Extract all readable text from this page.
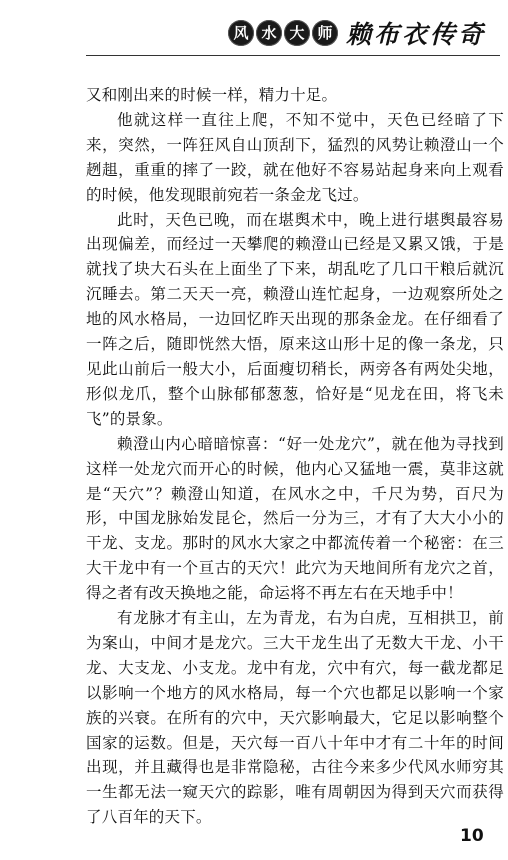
风 水 大 师 赖布衣传奇

又和刚出来的时候一样，精力十足。

他就这样一直往上爬，不知不觉中，天色已经暗了下来，突然，一阵狂风自山顶刮下，猛烈的风势让赖澄山一个趔趄，重重的摔了一跤，就在他好不容易站起身来向上观看的时候，他发现眼前宛若一条金龙飞过。

此时，天色已晚，而在堪舆术中，晚上进行堪舆最容易出现偏差，而经过一天攀爬的赖澄山已经是又累又饿，于是就找了块大石头在上面坐了下来，胡乱吃了几口干粮后就沉沉睡去。第二天天一亮，赖澄山连忙起身，一边观察所处之地的风水格局，一边回忆昨天出现的那条金龙。在仔细看了一阵之后，随即恍然大悟，原来这山形十足的像一条龙，只见此山前后一般大小，后面瘦切稍长，两旁各有两处尖地，形似龙爪，整个山脉郁郁葱葱，恰好是“见龙在田，将飞未飞”的景象。

赖澄山内心暗暗惊喜：“好一处龙穴”，就在他为寻找到这样一处龙穴而开心的时候，他内心又猛地一震，莫非这就是“天穴”？赖澄山知道，在风水之中，千尺为势，百尺为形，中国龙脉始发昆仑，然后一分为三，才有了大大小小的干龙、支龙。那时的风水大家之中都流传着一个秘密：在三大干龙中有一个亘古的天穴！此穴为天地间所有龙穴之首，得之者有改天换地之能，命运将不再左右在天地手中！

有龙脉才有主山，左为青龙，右为白虎，互相拱卫，前为案山，中间才是龙穴。三大干龙生出了无数大干龙、小干龙、大支龙、小支龙。龙中有龙，穴中有穴，每一截龙都足以影响一个地方的风水格局，每一个穴也都足以影响一个家族的兴衰。在所有的穴中，天穴影响最大，它足以影响整个国家的运数。但是，天穴每一百八十年中才有二十年的时间出现，并且藏得也是非常隐秘，古往今来多少代风水师穷其一生都无法一窥天穴的踪影，唯有周朝因为得到天穴而获得了八百年的天下。

10
